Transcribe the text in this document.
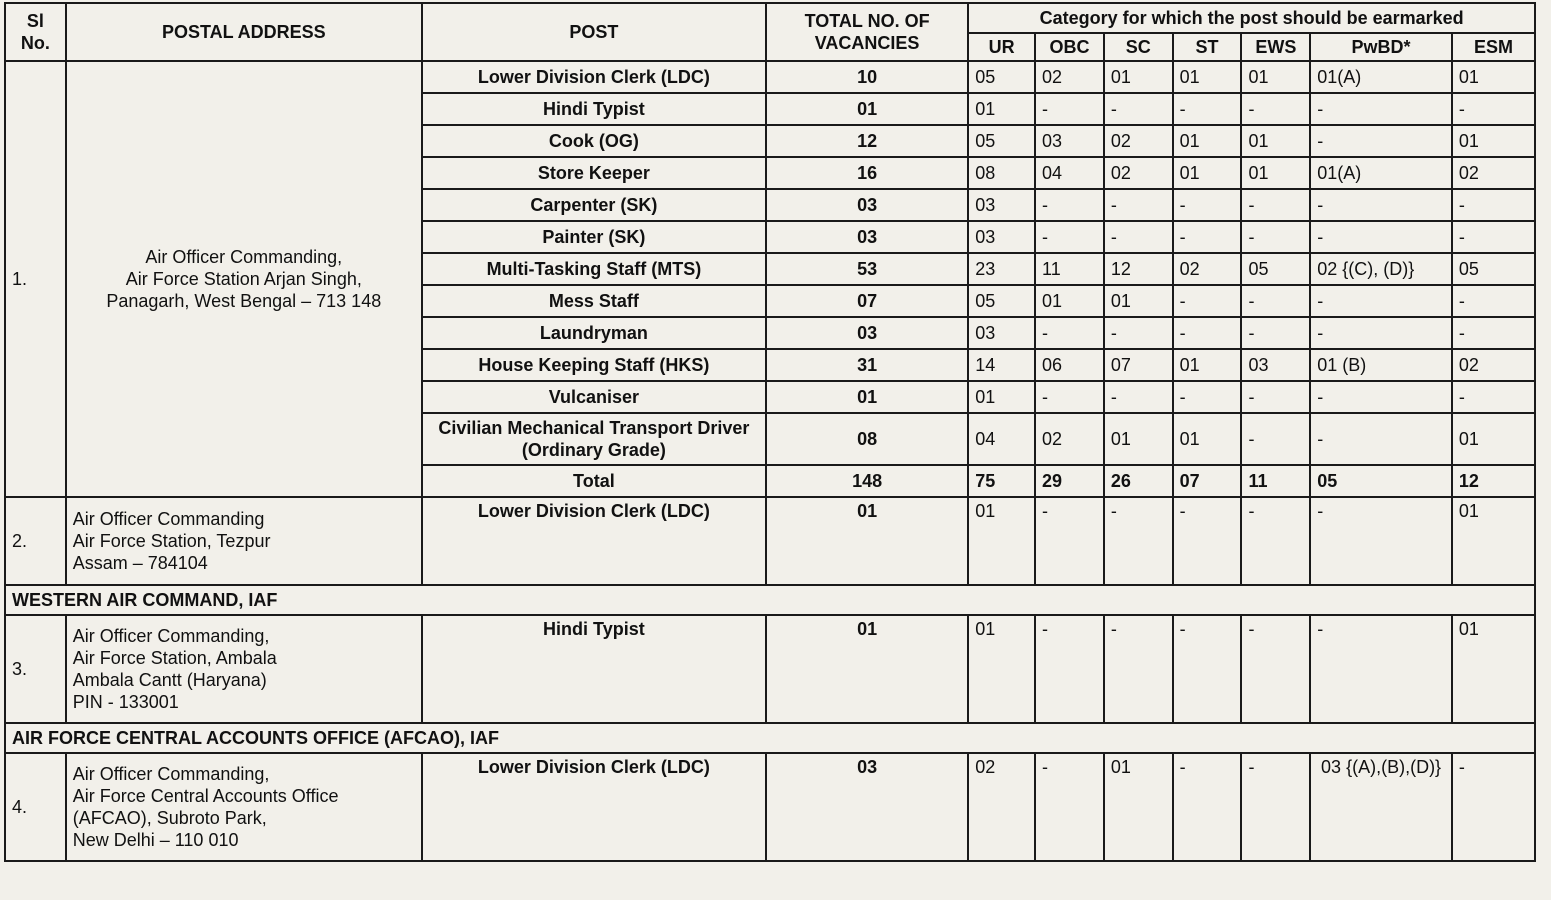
Sl No.	POSTAL ADDRESS	POST	TOTAL NO. OF VACANCIES	Category for which the post should be earmarked						
				UR	OBC	SC	ST	EWS	PwBD*	ESM
1.	Air Officer Commanding,
Air Force Station Arjan Singh,
Panagarh, West Bengal – 713 148	Lower Division Clerk (LDC)	10	05	02	01	01	01	01(A)	01
		Hindi Typist	01	01	-	-	-	-	-	-
		Cook (OG)	12	05	03	02	01	01	-	01
		Store Keeper	16	08	04	02	01	01	01(A)	02
		Carpenter (SK)	03	03	-	-	-	-	-	-
		Painter (SK)	03	03	-	-	-	-	-	-
		Multi-Tasking Staff (MTS)	53	23	11	12	02	05	02 {(C), (D)}	05
		Mess Staff	07	05	01	01	-	-	-	-
		Laundryman	03	03	-	-	-	-	-	-
		House Keeping Staff (HKS)	31	14	06	07	01	03	01 (B)	02
		Vulcaniser	01	01	-	-	-	-	-	-
		Civilian Mechanical Transport Driver (Ordinary Grade)	08	04	02	01	01	-	-	01
		Total	148	75	29	26	07	11	05	12
2.	Air Officer Commanding
Air Force Station, Tezpur
Assam – 784104	Lower Division Clerk (LDC)	01	01	-	-	-	-	-	01
WESTERN AIR COMMAND, IAF										
3.	Air Officer Commanding,
Air Force Station, Ambala
Ambala Cantt (Haryana)
PIN - 133001	Hindi Typist	01	01	-	-	-	-	-	01
AIR FORCE CENTRAL ACCOUNTS OFFICE (AFCAO), IAF										
4.	Air Officer Commanding,
Air Force Central Accounts Office
(AFCAO), Subroto Park,
New Delhi – 110 010	Lower Division Clerk (LDC)	03	02	-	01	-	-	03 {(A),(B),(D)}	-
